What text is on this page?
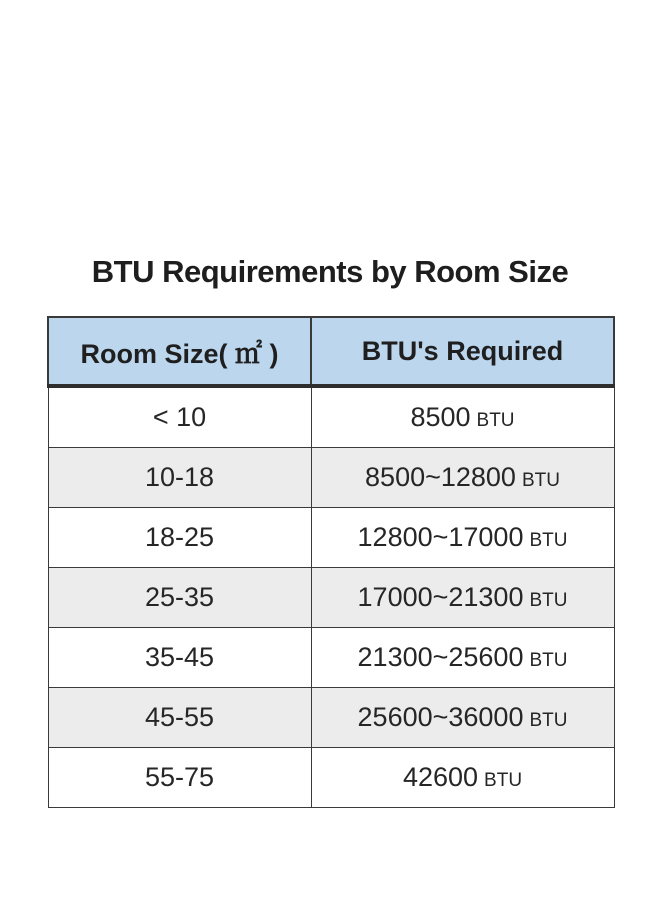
BTU Requirements by Room Size
Room Size( ㎡ )	BTU's Required
< 10	8500 BTU
10-18	8500~12800 BTU
18-25	12800~17000 BTU
25-35	17000~21300 BTU
35-45	21300~25600 BTU
45-55	25600~36000 BTU
55-75	42600 BTU
